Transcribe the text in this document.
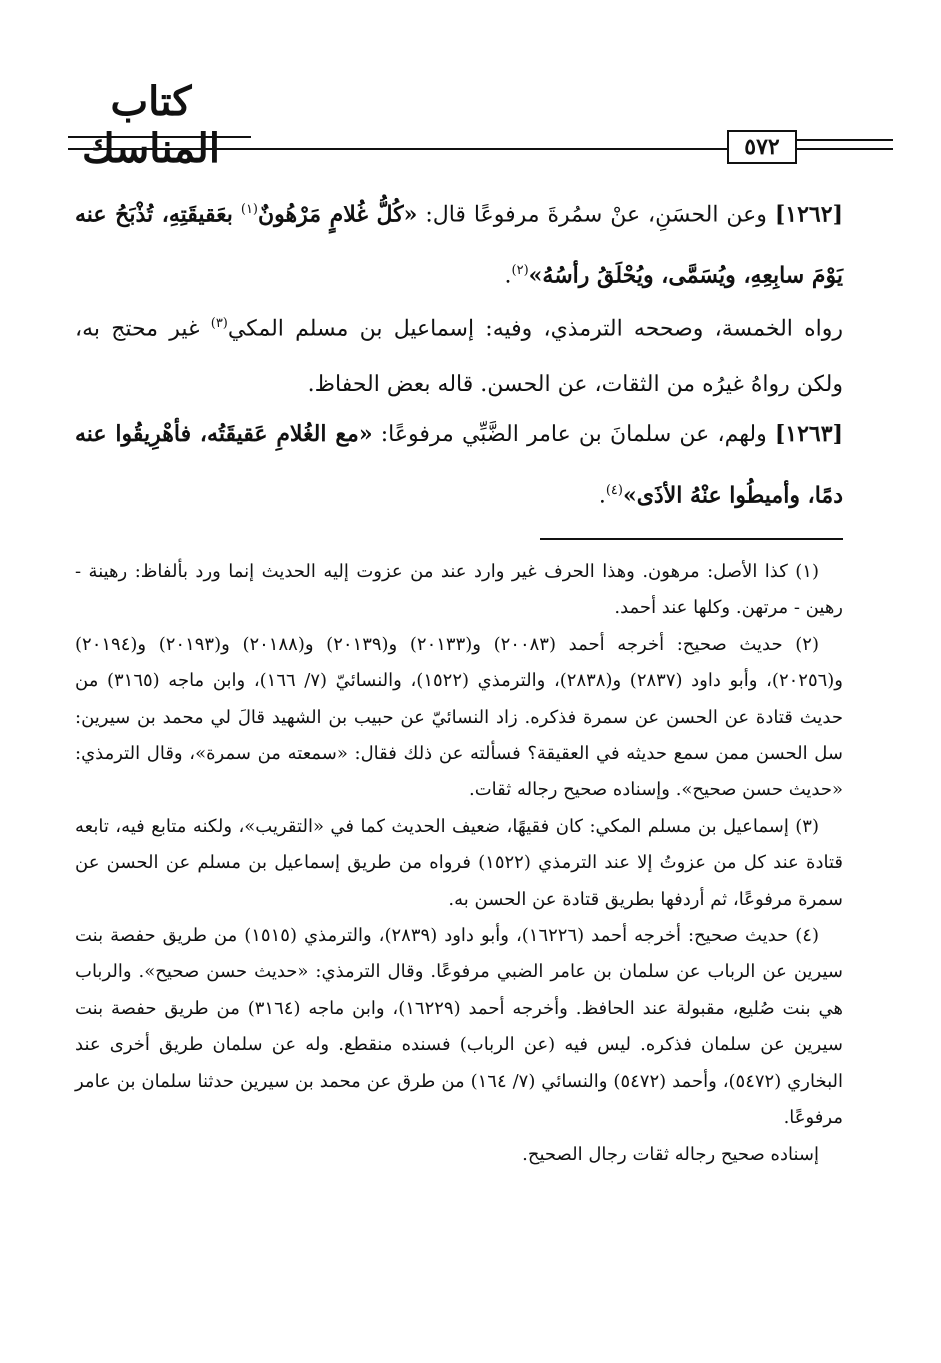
كتاب المناسك	٥٧٢
[١٢٦٢] وعن الحسَنِ، عنْ سمُرةَ مرفوعًا قال: «كُلُّ غُلامٍ مَرْهُونٌ$^{(١)}$ بعَقيقَتِهِ، تُذْبَحُ عنه يَوْمَ سابِعِهِ، ويُسَمَّى، ويُحْلَقُ رأسُهُ»$^{(٢)}$.
رواه الخمسة، وصححه الترمذي، وفيه: إسماعيل بن مسلم المكي$^{(٣)}$ غير محتج به، ولكن رواهُ غيرُه من الثقات، عن الحسن. قاله بعض الحفاظ.
[١٢٦٣] ولهم، عن سلمانَ بن عامر الضَّبِّي مرفوعًا: «مع الغُلامِ عَقيقَتُه، فأهْرِيقُوا عنه دمًا، وأميطُوا عنْهُ الأذَى»$^{(٤)}$.

(١) كذا الأصل: مرهون. وهذا الحرف غير وارد عند من عزوت إليه الحديث إنما ورد بألفاظ: رهينة - رهين - مرتهن. وكلها عند أحمد.

(٢) حديث صحيح: أخرجه أحمد (٢٠٠٨٣) و(٢٠١٣٣) و(٢٠١٣٩) و(٢٠١٨٨) و(٢٠١٩٣) و(٢٠١٩٤) و(٢٠٢٥٦)، وأبو داود (٢٨٣٧) و(٢٨٣٨)، والترمذي (١٥٢٢)، والنسائيّ (٧/ ١٦٦)، وابن ماجه (٣١٦٥) من حديث قتادة عن الحسن عن سمرة فذكره. زاد النسائيّ عن حبيب بن الشهيد قالَ لي محمد بن سيرين: سل الحسن ممن سمع حديثه في العقيقة؟ فسألته عن ذلك فقال: «سمعته من سمرة»، وقال الترمذي: «حديث حسن صحيح». وإسناده صحيح رجاله ثقات.

(٣) إسماعيل بن مسلم المكي: كان فقيهًا، ضعيف الحديث كما في «التقريب»، ولكنه متابع فيه، تابعه قتادة عند كل من عزوتُ إلا عند الترمذي (١٥٢٢) فرواه من طريق إسماعيل بن مسلم عن الحسن عن سمرة مرفوعًا، ثم أردفها بطريق قتادة عن الحسن به.

(٤) حديث صحيح: أخرجه أحمد (١٦٢٢٦)، وأبو داود (٢٨٣٩)، والترمذي (١٥١٥) من طريق حفصة بنت سيرين عن الرباب عن سلمان بن عامر الضبي مرفوعًا. وقال الترمذي: «حديث حسن صحيح». والرباب هي بنت صُليع، مقبولة عند الحافظ. وأخرجه أحمد (١٦٢٢٩)، وابن ماجه (٣١٦٤) من طريق حفصة بنت سيرين عن سلمان فذكره. ليس فيه (عن الرباب) فسنده منقطع. وله عن سلمان طريق أخرى عند البخاري (٥٤٧٢)، وأحمد (٥٤٧٢) والنسائي (٧/ ١٦٤) من طرق عن محمد بن سيرين حدثنا سلمان بن عامر مرفوعًا.

إسناده صحيح رجاله ثقات رجال الصحيح.
